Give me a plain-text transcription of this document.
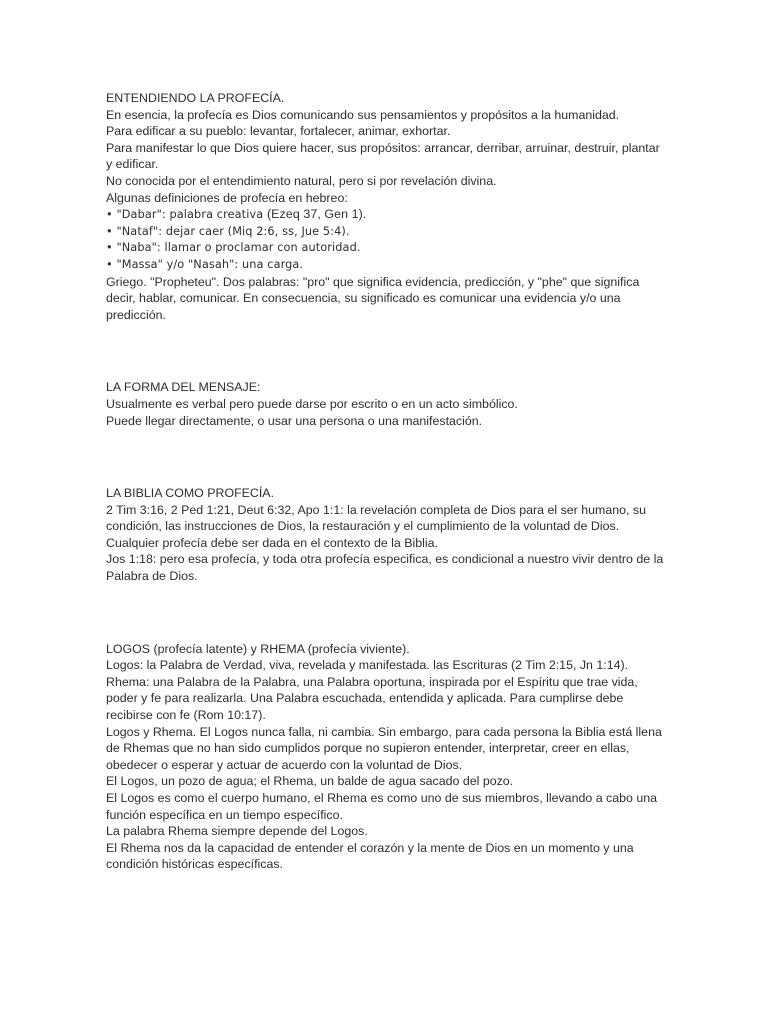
ENTENDIENDO LA PROFECÍA.

En esencia, la profecía es Dios comunicando sus pensamientos y propósitos a la humanidad.

Para edificar a su pueblo: levantar, fortalecer, animar, exhortar.

Para manifestar lo que Dios quiere hacer, sus propósitos: arrancar, derribar, arruinar, destruir, plantar y edificar.

No conocida por el entendimiento natural, pero si por revelación divina.

Algunas definiciones de profecía en hebreo:

• "Dabar": palabra creativa (Ezeq 37, Gen 1).

• "Nataf": dejar caer (Miq 2:6, ss, Jue 5:4).

• "Naba": llamar o proclamar con autoridad.

• "Massa" y/o "Nasah": una carga.

Griego. "Propheteu". Dos palabras: "pro" que significa evidencia, predicción, y "phe" que significa decir, hablar, comunicar. En consecuencia, su significado es comunicar una evidencia y/o una predicción.

LA FORMA DEL MENSAJE:

Usualmente es verbal pero puede darse por escrito o en un acto simbólico.

Puede llegar directamente, o usar una persona o una manifestación.

LA BIBLIA COMO PROFECÍA.

2 Tim 3:16, 2 Ped 1:21, Deut 6:32, Apo 1:1: la revelación completa de Dios para el ser humano, su condición, las instrucciones de Dios, la restauración y el cumplimiento de la voluntad de Dios. Cualquier profecía debe ser dada en el contexto de la Biblia.

Jos 1:18: pero esa profecía, y toda otra profecía especifica, es condicional a nuestro vivir dentro de la Palabra de Dios.

LOGOS (profecía latente) y RHEMA (profecía viviente).

Logos: la Palabra de Verdad, viva, revelada y manifestada. las Escrituras (2 Tim 2:15, Jn 1:14).

Rhema: una Palabra de la Palabra, una Palabra oportuna, inspirada por el Espíritu que trae vida, poder y fe para realizarla. Una Palabra escuchada, entendida y aplicada. Para cumplirse debe recibirse con fe (Rom 10:17).

Logos y Rhema. El Logos nunca falla, ni cambia. Sin embargo, para cada persona la Biblia está llena de Rhemas que no han sido cumplidos porque no supieron entender, interpretar, creer en ellas, obedecer o esperar y actuar de acuerdo con la voluntad de Dios.

El Logos, un pozo de agua; el Rhema, un balde de agua sacado del pozo.

El Logos es como el cuerpo humano, el Rhema es como uno de sus miembros, llevando a cabo una función específica en un tiempo específico.

La palabra Rhema siempre depende del Logos.

El Rhema nos da la capacidad de entender el corazón y la mente de Dios en un momento y una condición históricas específicas.
